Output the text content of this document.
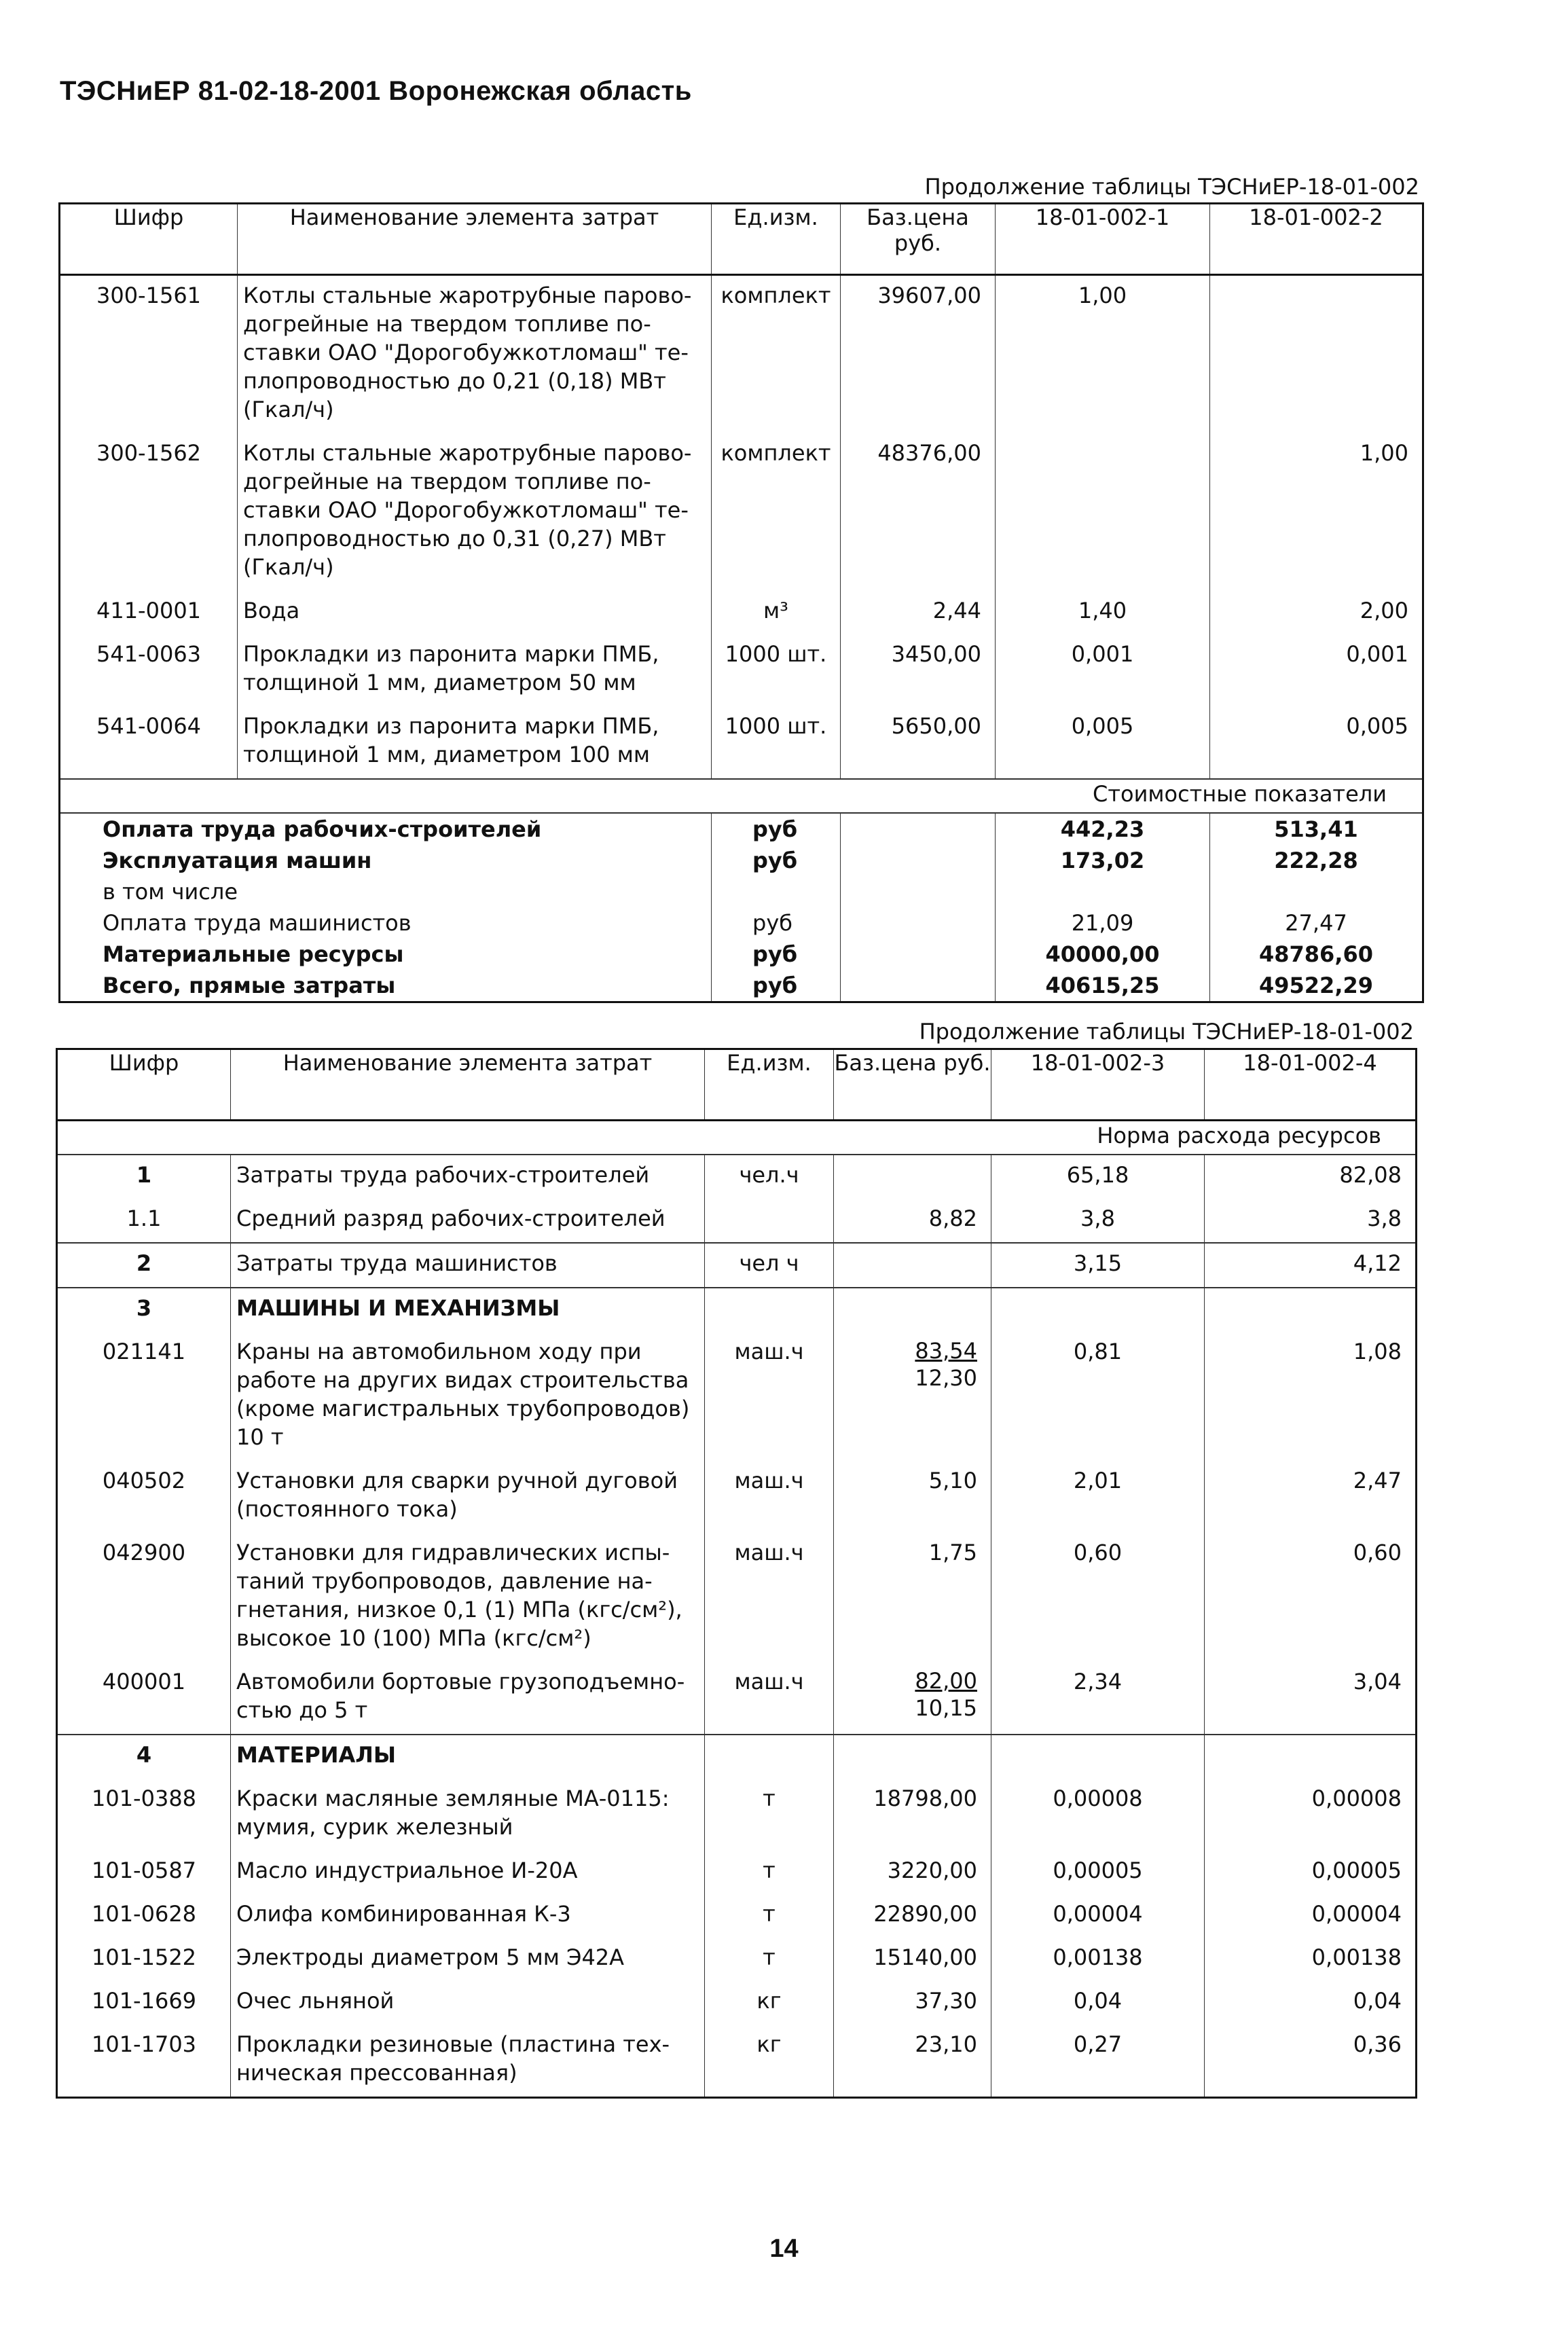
ТЭСНиЕР 81-02-18-2001 Воронежская область
Продолжение таблицы ТЭСНиЕР-18-01-002
Шифр	Наименование элемента затрат	Ед.изм.	Баз.цена руб.	18-01-002-1	18-01-002-2
300-1561	Котлы стальные жаротрубные пароводогрейные на твердом топливе поставки ОАО "Дорогобужкотломаш" теплопроводностью до 0,21 (0,18) МВт (Гкал/ч)	комплект	39607,00	1,00	
300-1562	Котлы стальные жаротрубные пароводогрейные на твердом топливе поставки ОАО "Дорогобужкотломаш" теплопроводностью до 0,31 (0,27) МВт (Гкал/ч)	комплект	48376,00		1,00
411-0001	Вода	м³	2,44	1,40	2,00
541-0063	Прокладки из паронита марки ПМБ, толщиной 1 мм, диаметром 50 мм	1000 шт.	3450,00	0,001	0,001
541-0064	Прокладки из паронита марки ПМБ, толщиной 1 мм, диаметром 100 мм	1000 шт.	5650,00	0,005	0,005
				Стоимостные показатели	
Оплата труда рабочих-строителей		руб		442,23	513,41
Эксплуатация машин		руб		173,02	222,28
в том числе					
Оплата труда машинистов		руб		21,09	27,47
Материальные ресурсы		руб		40000,00	48786,60
Всего, прямые затраты		руб		40615,25	49522,29
Продолжение таблицы ТЭСНиЕР-18-01-002
Шифр	Наименование элемента затрат	Ед.изм.	Баз.цена руб.	18-01-002-3	18-01-002-4
				Норма расхода ресурсов	
1	Затраты труда рабочих-строителей	чел.ч		65,18	82,08
1.1	Средний разряд рабочих-строителей		8,82	3,8	3,8
2	Затраты труда машинистов	чел ч		3,15	4,12
3	МАШИНЫ И МЕХАНИЗМЫ				
021141	Краны на автомобильном ходу при работе на других видах строительства (кроме магистральных трубопроводов) 10 т	маш.ч	$\frac{83,54}{12,30}$	0,81	1,08
040502	Установки для сварки ручной дуговой (постоянного тока)	маш.ч	5,10	2,01	2,47
042900	Установки для гидравлических испытаний трубопроводов, давление нагнетания, низкое 0,1 (1) МПа (кгс/см²), высокое 10 (100) МПа (кгс/см²)	маш.ч	1,75	0,60	0,60
400001	Автомобили бортовые грузоподъемностью до 5 т	маш.ч	$\frac{82,00}{10,15}$	2,34	3,04
4	МАТЕРИАЛЫ				
101-0388	Краски масляные земляные МА-0115: мумия, сурик железный	т	18798,00	0,00008	0,00008
101-0587	Масло индустриальное И-20А	т	3220,00	0,00005	0,00005
101-0628	Олифа комбинированная К-3	т	22890,00	0,00004	0,00004
101-1522	Электроды диаметром 5 мм Э42А	т	15140,00	0,00138	0,00138
101-1669	Очес льняной	кг	37,30	0,04	0,04
101-1703	Прокладки резиновые (пластина техническая прессованная)	кг	23,10	0,27	0,36
14
